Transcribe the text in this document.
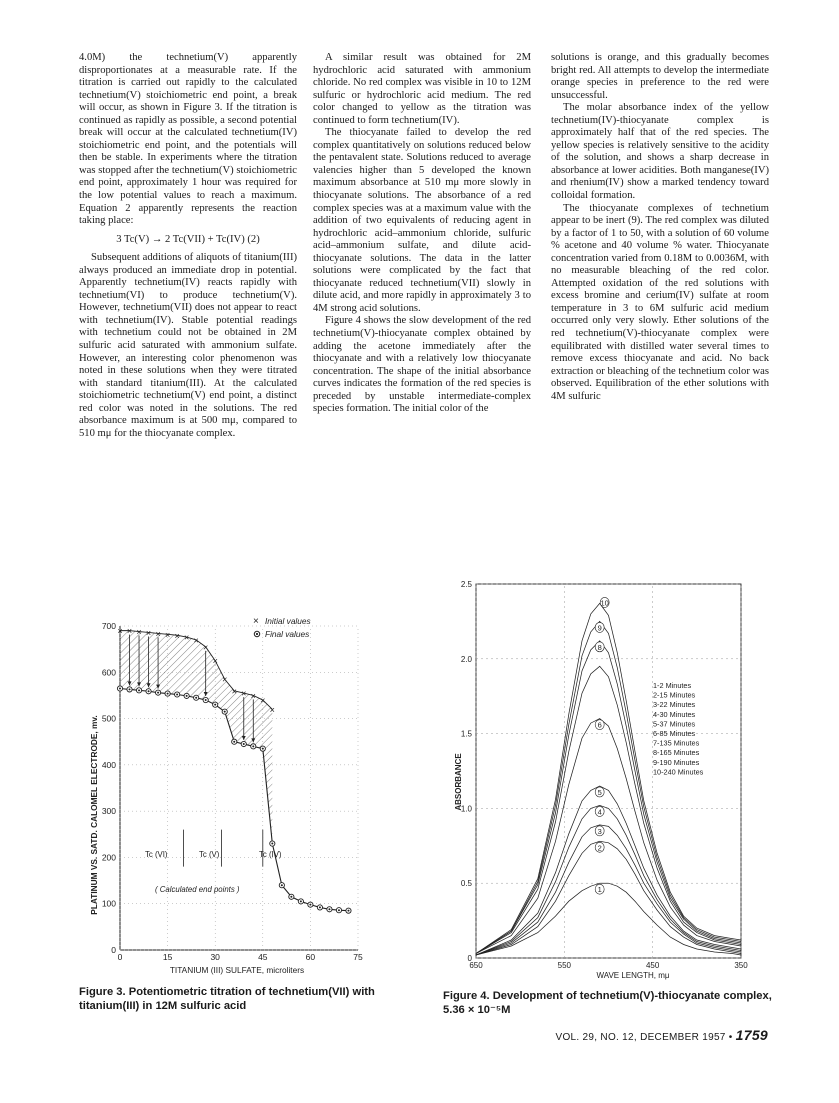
4.0M) the technetium(V) apparently disproportionates at a measurable rate. If the titration is carried out rapidly to the calculated technetium(V) stoichiometric end point, a break will occur, as shown in Figure 3. If the titration is continued as rapidly as possible, a second potential break will occur at the calculated technetium(IV) stoichiometric end point, and the potentials will then be stable. In experiments where the titration was stopped after the technetium(V) stoichiometric end point, approximately 1 hour was required for the low potential values to reach a maximum. Equation 2 apparently represents the reaction taking place:

3 Tc(V) → 2 Tc(VII) + Tc(IV) (2)

Subsequent additions of aliquots of titanium(III) always produced an immediate drop in potential. Apparently technetium(IV) reacts rapidly with technetium(VI) to produce technetium(V). However, technetium(VII) does not appear to react with technetium(IV). Stable potential readings with technetium could not be obtained in 2M sulfuric acid saturated with ammonium sulfate. However, an interesting color phenomenon was noted in these solutions when they were titrated with standard titanium(III). At the calculated stoichiometric technetium(V) end point, a distinct red color was noted in the solutions. The red absorbance maximum is at 500 mμ, compared to 510 mμ for the thiocyanate complex.

A similar result was obtained for 2M hydrochloric acid saturated with ammonium chloride. No red complex was visible in 10 to 12M sulfuric or hydrochloric acid medium. The red color changed to yellow as the titration was continued to form technetium(IV).

The thiocyanate failed to develop the red complex quantitatively on solutions reduced below the pentavalent state. Solutions reduced to average valencies higher than 5 developed the known maximum absorbance at 510 mμ more slowly in thiocyanate solutions. The absorbance of a red complex species was at a maximum value with the addition of two equivalents of reducing agent in hydrochloric acid–ammonium chloride, sulfuric acid–ammonium sulfate, and dilute acid-thiocyanate solutions. The data in the latter solutions were complicated by the fact that thiocyanate reduced technetium(VII) slowly in dilute acid, and more rapidly in approximately 3 to 4M strong acid solutions.

Figure 4 shows the slow development of the red technetium(V)-thiocyanate complex obtained by adding the acetone immediately after the thiocyanate and with a relatively low thiocyanate concentration. The shape of the initial absorbance curves indicates the formation of the red species is preceded by unstable intermediate-complex species formation. The initial color of the

solutions is orange, and this gradually becomes bright red. All attempts to develop the intermediate orange species in preference to the red were unsuccessful.

The molar absorbance index of the yellow technetium(IV)-thiocyanate complex is approximately half that of the red species. The yellow species is relatively sensitive to the acidity of the solution, and shows a sharp decrease in absorbance at lower acidities. Both manganese(IV) and rhenium(IV) show a marked tendency toward colloidal formation.

The thiocyanate complexes of technetium appear to be inert (9). The red complex was diluted by a factor of 1 to 50, with a solution of 60 volume % acetone and 40 volume % water. Thiocyanate concentration varied from 0.18M to 0.0036M, with no measurable bleaching of the red color. Attempted oxidation of the red solutions with excess bromine and cerium(IV) sulfate at room temperature in 3 to 6M sulfuric acid medium occurred only very slowly. Ether solutions of the red technetium(V)-thiocyanate complex were equilibrated with distilled water several times to remove excess thiocyanate and acid. No back extraction or bleaching of the technetium color was observed. Equilibration of the ether solutions with 4M sulfuric

PLATINUM VS. SATD. CALOMEL ELECTRODE, mv.
TITANIUM (III) SULFATE, microliters
× Initial values
Final values
0
100
200
300
400
500
600
700
0	15	30	45	60	75
× × × × × × × × ×
×
×
×
× × × ×
×
Tc (VI)	Tc (V)	Tc (IV)
( Calculated end points )
Figure 3. Potentiometric titration of technetium(VII) with titanium(III) in 12M sulfuric acid
ABSORBANCE
WAVE LENGTH, mμ
0
0.5
1.0
1.5
2.0
2.5
650	550	450	350
1
2
3
4
5
6
8
9
10
1-2 Minutes
2-15 Minutes
3-22 Minutes
4-30 Minutes
5-37 Minutes
6-85 Minutes
7-135 Minutes
8-165 Minutes
9-190 Minutes
10-240 Minutes
Figure 4. Development of technetium(V)-thiocyanate complex, 5.36 × 10⁻⁵M
VOL. 29, NO. 12, DECEMBER 1957 • 1759
